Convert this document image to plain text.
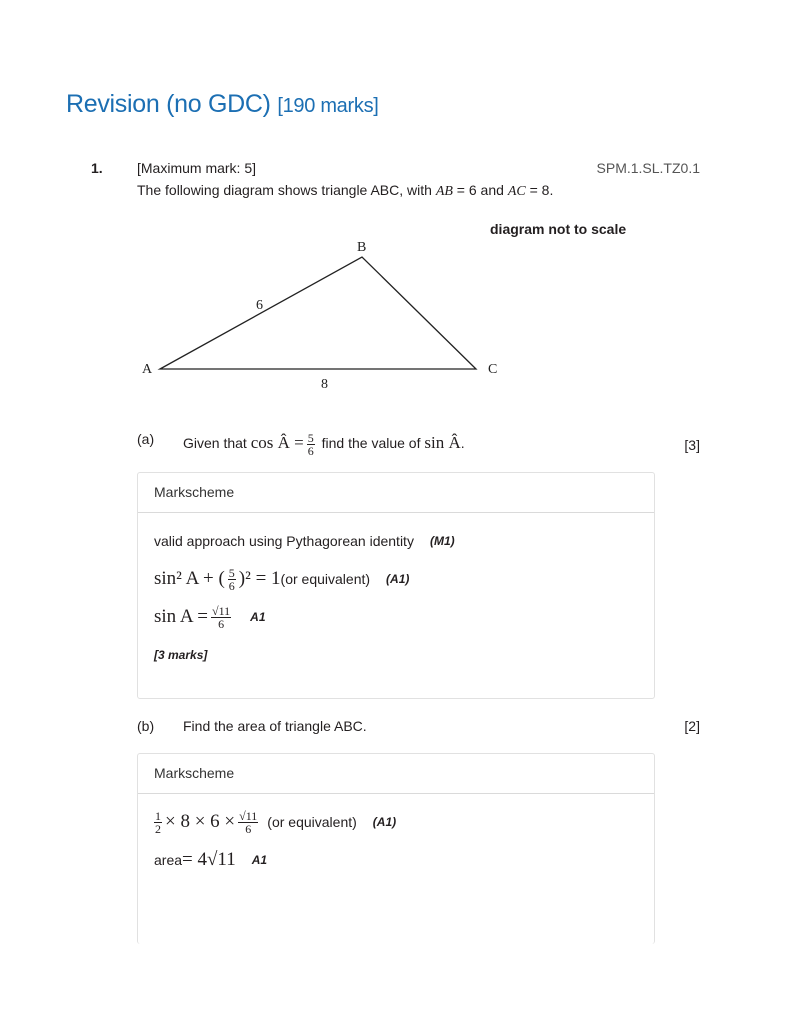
Revision (no GDC) [190 marks]
1. [Maximum mark: 5]	SPM.1.SL.TZ0.1
The following diagram shows triangle ABC, with AB = 6 and AC = 8.
diagram not to scale
A
B
C
6
8
(a) Given that cos Â = $\frac{5}{6}$ find the value of sin Â.	[3]
Markscheme
valid approach using Pythagorean identity (M1)
sin² A + ( $\frac{5}{6} )^2 = 1$ (or equivalent) (A1)
$\sin A = \frac{√11}{6} A1$
[3 marks]
(b) Find the area of triangle ABC.	[2]
Markscheme
$\frac{1}{2} \times 8 \times 6 \times \frac{√11}{6} (or$ equivalent) (A1)
area = 4√11 A1
